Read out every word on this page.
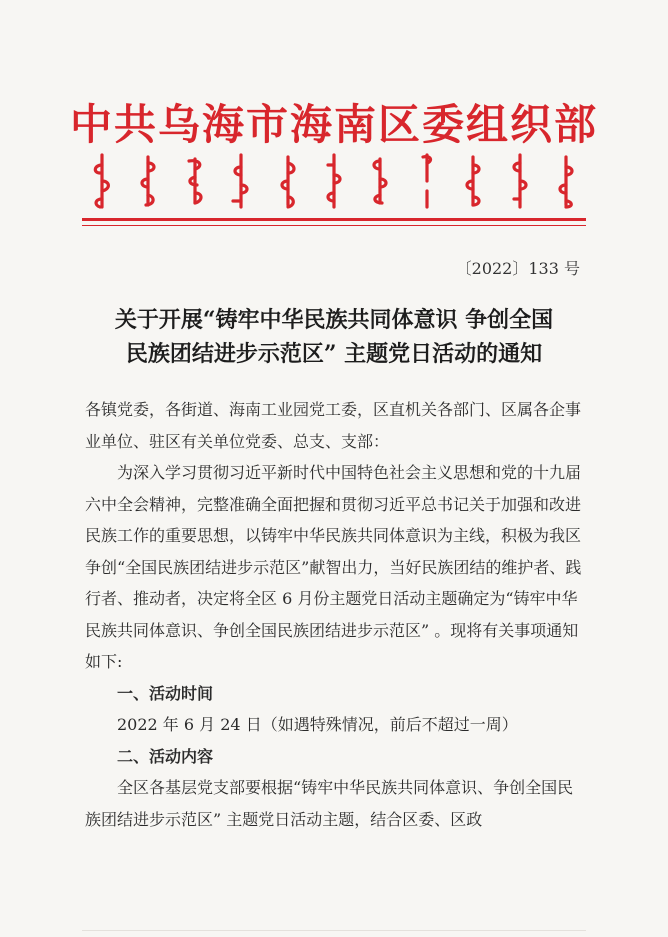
中共乌海市海南区委组织部
〔2022〕133 号
关于开展“铸牢中华民族共同体意识 争创全国
民族团结进步示范区” 主题党日活动的通知

各镇党委，各街道、海南工业园党工委，区直机关各部门、区属各企事业单位、驻区有关单位党委、总支、支部：

为深入学习贯彻习近平新时代中国特色社会主义思想和党的十九届六中全会精神，完整准确全面把握和贯彻习近平总书记关于加强和改进民族工作的重要思想，以铸牢中华民族共同体意识为主线，积极为我区争创“全国民族团结进步示范区”献智出力，当好民族团结的维护者、践行者、推动者，决定将全区 6 月份主题党日活动主题确定为“铸牢中华民族共同体意识、争创全国民族团结进步示范区” 。现将有关事项通知如下:

一、活动时间

2022 年 6 月 24 日（如遇特殊情况，前后不超过一周）

二、活动内容

全区各基层党支部要根据“铸牢中华民族共同体意识、争创全国民族团结进步示范区” 主题党日活动主题，结合区委、区政
